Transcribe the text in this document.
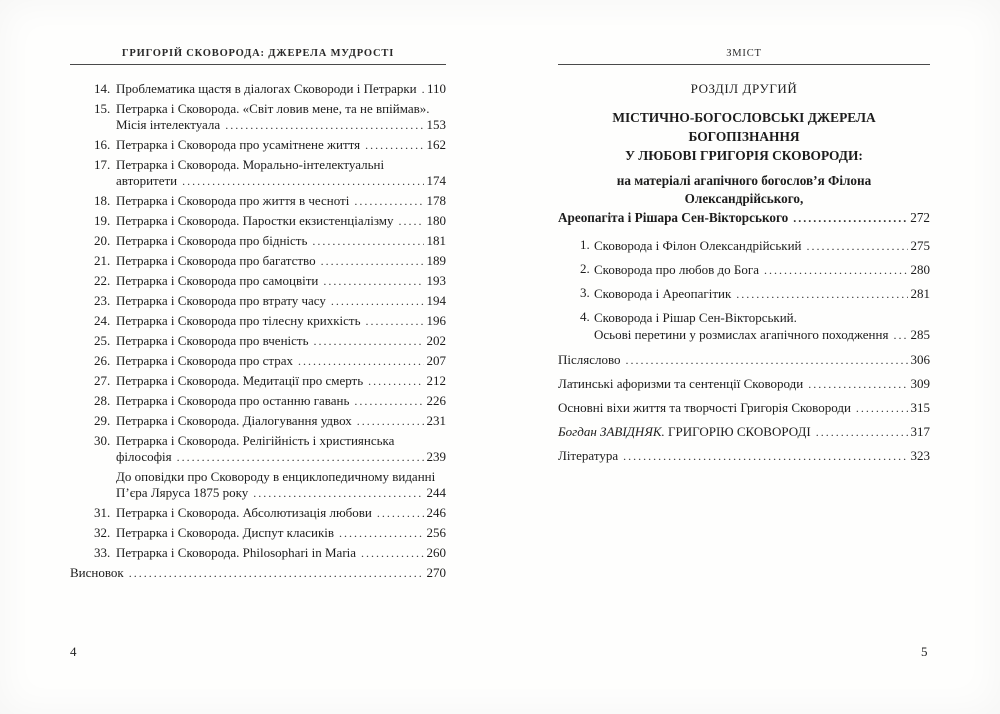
ГРИГОРІЙ СКОВОРОДА: ДЖЕРЕЛА МУДРОСТІ
14. Проблематика щастя в діалогах Сковороди і Петрарки ..... 110
15. Петрарка і Сковорода. «Світ ловив мене, та не впіймав».
Місія інтелектуала .....	153
16. Петрарка і Сковорода про усамітнене життя .....	162
17. Петрарка і Сковорода. Морально-інтелектуальні
авторитети .....	174
18. Петрарка і Сковорода про життя в чесноті .....	178
19. Петрарка і Сковорода. Паростки екзистенціалізму .....	180
20. Петрарка і Сковорода про бідність .....	181
21. Петрарка і Сковорода про багатство .....	189
22. Петрарка і Сковорода про самоцвіти .....	193
23. Петрарка і Сковорода про втрату часу .....	194
24. Петрарка і Сковорода про тілесну крихкість .....	196
25. Петрарка і Сковорода про вченість .....	202
26. Петрарка і Сковорода про страх .....	207
27. Петрарка і Сковорода. Медитації про смерть .....	212
28. Петрарка і Сковорода про останню гавань .....	226
29. Петрарка і Сковорода. Діалогування удвох .....	231
30. Петрарка і Сковорода. Релігійність і християнська
філософія .....	239
До оповідки про Сковороду в енциклопедичному виданні
П’єра Ляруса 1875 року .....	244
31. Петрарка і Сковорода. Абсолютизація любови .....	246
32. Петрарка і Сковорода. Диспут класиків .....	256
33. Петрарка і Сковорода. Philosophari in Maria .....	260
Висновок .....	270
ЗМІСТ
РОЗДІЛ ДРУГИЙ
МІСТИЧНО-БОГОСЛОВСЬКІ ДЖЕРЕЛА БОГОПІЗНАННЯ
У ЛЮБОВІ ГРИГОРІЯ СКОВОРОДИ:
на матеріалі агапічного богослов’я Філона Олександрійського,
Ареопагіта і Рішара Сен-Вікторського .....	272
1. Сковорода і Філон Олександрійський .....	275
2. Сковорода про любов до Бога .....	280
3. Сковорода і Ареопагітик .....	281
4. Сковорода і Рішар Сен-Вікторський.
Осьові перетини у розмислах агапічного походження ..... 285
Післяслово .....	306
Латинські афоризми та сентенції Сковороди .....	309
Основні віхи життя та творчості Григорія Сковороди .....	315
Богдан ЗАВІДНЯК. ГРИГОРІЮ СКОВОРОДІ .....	317
Література .....	323
4	5
